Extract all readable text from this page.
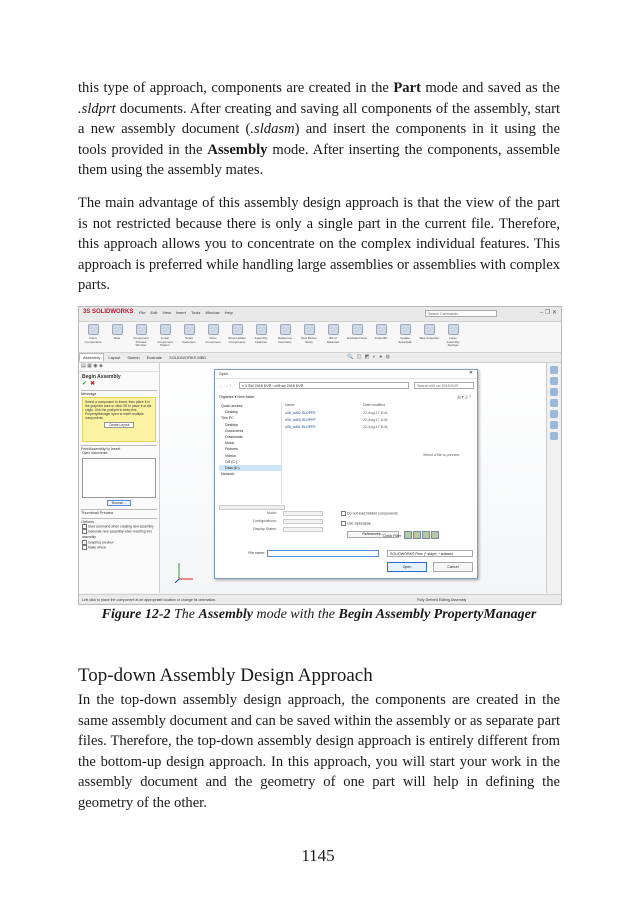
this type of approach, components are created in the Part mode and saved as the .sldprt documents. After creating and saving all components of the assembly, start a new assembly document (.sldasm) and insert the components in it using the tools provided in the Assembly mode. After inserting the components, assemble them using the assembly mates.

The main advantage of this assembly design approach is that the view of the part is not restricted because there is only a single part in the current file. Therefore, this approach allows you to concentrate on the complex individual features. This approach is preferred while handling large assemblies or assemblies with complex parts.

3S SOLIDWORKS File Edit View Insert Tools Window Help	Search Commands	– ❐ ✕
Insert Components
Mate	Component Preview Window
Linear Component Pattern
Smart Fasteners
Move Component
Show Hidden Components
Assembly Features
Reference Geometry
New Motion Study
Bill of Materials
Exploded View	Instant3D	Update Speedpak
Take Snapshot	Large Assembly Settings
Assembly Layout Sketch Evaluate SOLIDWORKS MBD	🔍 ◫ ◩ ◐ ● ◍
▤ ▦ ◉ ◈
Begin Assembly
✔ ✖
Message
Select a component to insert, then place it in the graphics area or click OK to place it at the origin. Use the pushpin to keep this PropertyManager open to insert multiple components.
Create Layout
Part/Assembly to Insert
Open documents:
Browse...
Thumbnail Preview
Options
Start command when creating new assembly
Generate new assembly when inserting into assembly
Graphics preview
Make virtual
Left click to place the component at an appropriate location or change its orientation.	Fully Defined Editing Assembly
Open	✕
← → ↑	« 3 SW 2018 DVR › c05 sw 2018 DVR	Search c05 sw 2018 DVR
Organize ▾ New folder	▤ ▾ ◫ ?
Quick access
Desktop
This PC
Desktop
Documents
Downloads
Music
Pictures
Videos
OS (C:)
Data (D:)
Network
Name	Date modified
c05_tut02.SLDPRT	22-Aug-17 8:41
c05_tut03.SLDPRT	22-Aug-17 8:41
c05_tut01.SLDPRT	22-Aug-17 8:41
Select a file to preview.
Mode:
Configurations:
Display States:
Do not load hidden components
Use Speedpak
References... Quick Filter:
File name:	SOLIDWORKS Files (*.sldprt; *.sldasm)
Open	Cancel

Figure 12-2 The Assembly mode with the Begin Assembly PropertyManager

Top-down Assembly Design Approach

In the top-down assembly design approach, the components are created in the same assembly document and can be saved within the assembly or as separate part files. Therefore, the top-down assembly design approach is entirely different from the bottom-up design approach. In this approach, you will start your work in the assembly document and the geometry of one part will help in defining the geometry of the other.

1145
